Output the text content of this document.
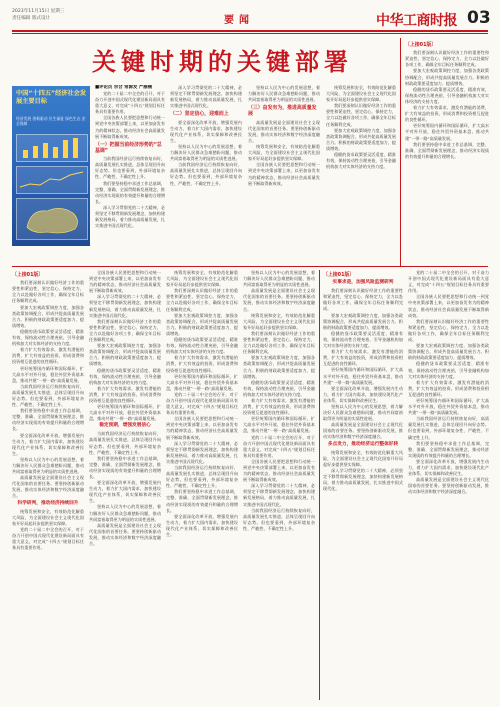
2023年11月15日 星期三
责任编辑 版式设计	要闻	中华工商时报 03
关键时期的关键部署
中国“十四五”经济社会发展主要目标
经济发展 创新驱动 民生福祉 绿色生态 安全保障
■评论员 宗合 常源发 严雁楠

党的二十届二中全会的召开，对于奋力开创中国式现代化建设新局面具有重大意义，对完成“十四五”规划目标任务具有重要作用。

全国各族人民要把思想和行动统一到党中央决策部署上来，以更加奋发有为的精神状态，推动经济社会高质量发展不断取得新成效。

（一）把握当前经济形势的“总基调”

当前我国经济运行持续恢复向好，高质量发展扎实推进，总体呈现回升向好态势。但也要看到，外部环境复杂性、严峻性、不确定性上升。

我们要坚持稳中求进工作总基调，完整、准确、全面贯彻新发展理念，推动经济实现质的有效提升和量的合理增长。

深入学习贯彻党的二十大精神，必须坚定不移贯彻新发展理念，加快构建新发展格局，着力推动高质量发展，扎实推进中国式现代化。

深入学习贯彻党的二十大精神，必须坚定不移贯彻新发展理念，加快构建新发展格局，着力推动高质量发展，扎实推进中国式现代化。

（二）坚定信心，迎难而上

要全面深化改革开放，增强发展内生动力，着力扩大国内需求，加快建设现代化产业体系，切实保障和改善民生。

坚持以人民为中心的发展思想，着力解决好人民群众急难愁盼问题，推动共同富裕取得更为明显的实质性进展。

当前我国经济运行持续恢复向好，高质量发展扎实推进，总体呈现回升向好态势。但也要看到，外部环境复杂性、严峻性、不确定性上升。

坚持以人民为中心的发展思想，着力解决好人民群众急难愁盼问题，推动共同富裕取得更为明显的实质性进展。

（三）奋发有为，推进高质量发展

高质量发展是全面建设社会主义现代化国家的首要任务。要坚持创新驱动发展，推动实体经济和数字经济深度融合。

统筹发展和安全，有效防范化解重大风险，为全面建设社会主义现代化国家开好局起好步提供坚实保障。

全国各族人民要把思想和行动统一到党中央决策部署上来，以更加奋发有为的精神状态，推动经济社会高质量发展不断取得新成效。

统筹发展和安全，有效防范化解重大风险，为全面建设社会主义现代化国家开好局起好步提供坚实保障。

我们要深刻认识做好经济工作的重要性和紧迫性，坚定信心、保持定力，全力以赴做好各项工作，确保全年目标任务顺利完成。

要加大宏观政策调控力度，加强各类政策协调配合，形成共促高质量发展合力。积极的财政政策要适度加力、提质增效。

稳健的货币政策要灵活适度、精准有效，保持流动性合理充裕，引导金融机构加大对实体经济的支持力度。

〔上接01版〕

我们要深刻认识做好经济工作的重要性和紧迫性，坚定信心、保持定力，全力以赴做好各项工作，确保全年目标任务顺利完成。

要加大宏观政策调控力度，加强各类政策协调配合，形成共促高质量发展合力。积极的财政政策要适度加力、提质增效。

稳健的货币政策要灵活适度、精准有效，保持流动性合理充裕，引导金融机构加大对实体经济的支持力度。

着力扩大有效需求，激发有潜能的消费，扩大有效益的投资，形成消费和投资相互促进的良性循环。

更好统筹国内循环和国际循环，扩大高水平对外开放，稳住外贸外资基本盘，推动共建“一带一路”高质量发展。

我们要坚持稳中求进工作总基调，完整、准确、全面贯彻新发展理念，推动经济实现质的有效提升和量的合理增长。

〔上接01版〕

我们要深刻认识做好经济工作的重要性和紧迫性，坚定信心、保持定力，全力以赴做好各项工作，确保全年目标任务顺利完成。

要加大宏观政策调控力度，加强各类政策协调配合，形成共促高质量发展合力。积极的财政政策要适度加力、提质增效。

稳健的货币政策要灵活适度、精准有效，保持流动性合理充裕，引导金融机构加大对实体经济的支持力度。

着力扩大有效需求，激发有潜能的消费，扩大有效益的投资，形成消费和投资相互促进的良性循环。

更好统筹国内循环和国际循环，扩大高水平对外开放，稳住外贸外资基本盘，推动共建“一带一路”高质量发展。

当前我国经济运行持续恢复向好，高质量发展扎实推进，总体呈现回升向好态势。但也要看到，外部环境复杂性、严峻性、不确定性上升。

我们要坚持稳中求进工作总基调，完整、准确、全面贯彻新发展理念，推动经济实现质的有效提升和量的合理增长。

要全面深化改革开放，增强发展内生动力，着力扩大国内需求，加快建设现代化产业体系，切实保障和改善民生。

坚持以人民为中心的发展思想，着力解决好人民群众急难愁盼问题，推动共同富裕取得更为明显的实质性进展。

高质量发展是全面建设社会主义现代化国家的首要任务。要坚持创新驱动发展，推动实体经济和数字经济深度融合。

科学研判，推动经济持续回升

统筹发展和安全，有效防范化解重大风险，为全面建设社会主义现代化国家开好局起好步提供坚实保障。

党的二十届二中全会的召开，对于奋力开创中国式现代化建设新局面具有重大意义，对完成“十四五”规划目标任务具有重要作用。

全国各族人民要把思想和行动统一到党中央决策部署上来，以更加奋发有为的精神状态，推动经济社会高质量发展不断取得新成效。

深入学习贯彻党的二十大精神，必须坚定不移贯彻新发展理念，加快构建新发展格局，着力推动高质量发展，扎实推进中国式现代化。

我们要深刻认识做好经济工作的重要性和紧迫性，坚定信心、保持定力，全力以赴做好各项工作，确保全年目标任务顺利完成。

要加大宏观政策调控力度，加强各类政策协调配合，形成共促高质量发展合力。积极的财政政策要适度加力、提质增效。

稳健的货币政策要灵活适度、精准有效，保持流动性合理充裕，引导金融机构加大对实体经济的支持力度。

着力扩大有效需求，激发有潜能的消费，扩大有效益的投资，形成消费和投资相互促进的良性循环。

更好统筹国内循环和国际循环，扩大高水平对外开放，稳住外贸外资基本盘，推动共建“一带一路”高质量发展。

稳定预期，增强发展信心

当前我国经济运行持续恢复向好，高质量发展扎实推进，总体呈现回升向好态势。但也要看到，外部环境复杂性、严峻性、不确定性上升。

我们要坚持稳中求进工作总基调，完整、准确、全面贯彻新发展理念，推动经济实现质的有效提升和量的合理增长。

要全面深化改革开放，增强发展内生动力，着力扩大国内需求，加快建设现代化产业体系，切实保障和改善民生。

坚持以人民为中心的发展思想，着力解决好人民群众急难愁盼问题，推动共同富裕取得更为明显的实质性进展。

高质量发展是全面建设社会主义现代化国家的首要任务。要坚持创新驱动发展，推动实体经济和数字经济深度融合。

统筹发展和安全，有效防范化解重大风险，为全面建设社会主义现代化国家开好局起好步提供坚实保障。

我们要深刻认识做好经济工作的重要性和紧迫性，坚定信心、保持定力，全力以赴做好各项工作，确保全年目标任务顺利完成。

要加大宏观政策调控力度，加强各类政策协调配合，形成共促高质量发展合力。积极的财政政策要适度加力、提质增效。

稳健的货币政策要灵活适度、精准有效，保持流动性合理充裕，引导金融机构加大对实体经济的支持力度。

着力扩大有效需求，激发有潜能的消费，扩大有效益的投资，形成消费和投资相互促进的良性循环。

更好统筹国内循环和国际循环，扩大高水平对外开放，稳住外贸外资基本盘，推动共建“一带一路”高质量发展。

党的二十届二中全会的召开，对于奋力开创中国式现代化建设新局面具有重大意义，对完成“十四五”规划目标任务具有重要作用。

全国各族人民要把思想和行动统一到党中央决策部署上来，以更加奋发有为的精神状态，推动经济社会高质量发展不断取得新成效。

深入学习贯彻党的二十大精神，必须坚定不移贯彻新发展理念，加快构建新发展格局，着力推动高质量发展，扎实推进中国式现代化。

当前我国经济运行持续恢复向好，高质量发展扎实推进，总体呈现回升向好态势。但也要看到，外部环境复杂性、严峻性、不确定性上升。

我们要坚持稳中求进工作总基调，完整、准确、全面贯彻新发展理念，推动经济实现质的有效提升和量的合理增长。

要全面深化改革开放，增强发展内生动力，着力扩大国内需求，加快建设现代化产业体系，切实保障和改善民生。

坚持以人民为中心的发展思想，着力解决好人民群众急难愁盼问题，推动共同富裕取得更为明显的实质性进展。

高质量发展是全面建设社会主义现代化国家的首要任务。要坚持创新驱动发展，推动实体经济和数字经济深度融合。

统筹发展和安全，有效防范化解重大风险，为全面建设社会主义现代化国家开好局起好步提供坚实保障。

我们要深刻认识做好经济工作的重要性和紧迫性，坚定信心、保持定力，全力以赴做好各项工作，确保全年目标任务顺利完成。

要加大宏观政策调控力度，加强各类政策协调配合，形成共促高质量发展合力。积极的财政政策要适度加力、提质增效。

稳健的货币政策要灵活适度、精准有效，保持流动性合理充裕，引导金融机构加大对实体经济的支持力度。

着力扩大有效需求，激发有潜能的消费，扩大有效益的投资，形成消费和投资相互促进的良性循环。

更好统筹国内循环和国际循环，扩大高水平对外开放，稳住外贸外资基本盘，推动共建“一带一路”高质量发展。

党的二十届二中全会的召开，对于奋力开创中国式现代化建设新局面具有重大意义，对完成“十四五”规划目标任务具有重要作用。

全国各族人民要把思想和行动统一到党中央决策部署上来，以更加奋发有为的精神状态，推动经济社会高质量发展不断取得新成效。

深入学习贯彻党的二十大精神，必须坚定不移贯彻新发展理念，加快构建新发展格局，着力推动高质量发展，扎实推进中国式现代化。

当前我国经济运行持续恢复向好，高质量发展扎实推进，总体呈现回升向好态势。但也要看到，外部环境复杂性、严峻性、不确定性上升。

〔上接01版〕
实事求是，加强风险监测研判

我们要深刻认识做好经济工作的重要性和紧迫性，坚定信心、保持定力，全力以赴做好各项工作，确保全年目标任务顺利完成。

要加大宏观政策调控力度，加强各类政策协调配合，形成共促高质量发展合力。积极的财政政策要适度加力、提质增效。

稳健的货币政策要灵活适度、精准有效，保持流动性合理充裕，引导金融机构加大对实体经济的支持力度。

着力扩大有效需求，激发有潜能的消费，扩大有效益的投资，形成消费和投资相互促进的良性循环。

更好统筹国内循环和国际循环，扩大高水平对外开放，稳住外贸外资基本盘，推动共建“一带一路”高质量发展。

要全面深化改革开放，增强发展内生动力，着力扩大国内需求，加快建设现代化产业体系，切实保障和改善民生。

坚持以人民为中心的发展思想，着力解决好人民群众急难愁盼问题，推动共同富裕取得更为明显的实质性进展。

高质量发展是全面建设社会主义现代化国家的首要任务。要坚持创新驱动发展，推动实体经济和数字经济深度融合。

多点发力，推动经济运行整体好转

统筹发展和安全，有效防范化解重大风险，为全面建设社会主义现代化国家开好局起好步提供坚实保障。

深入学习贯彻党的二十大精神，必须坚定不移贯彻新发展理念，加快构建新发展格局，着力推动高质量发展，扎实推进中国式现代化。

党的二十届二中全会的召开，对于奋力开创中国式现代化建设新局面具有重大意义，对完成“十四五”规划目标任务具有重要作用。

全国各族人民要把思想和行动统一到党中央决策部署上来，以更加奋发有为的精神状态，推动经济社会高质量发展不断取得新成效。

我们要深刻认识做好经济工作的重要性和紧迫性，坚定信心、保持定力，全力以赴做好各项工作，确保全年目标任务顺利完成。

要加大宏观政策调控力度，加强各类政策协调配合，形成共促高质量发展合力。积极的财政政策要适度加力、提质增效。

稳健的货币政策要灵活适度、精准有效，保持流动性合理充裕，引导金融机构加大对实体经济的支持力度。

着力扩大有效需求，激发有潜能的消费，扩大有效益的投资，形成消费和投资相互促进的良性循环。

更好统筹国内循环和国际循环，扩大高水平对外开放，稳住外贸外资基本盘，推动共建“一带一路”高质量发展。

当前我国经济运行持续恢复向好，高质量发展扎实推进，总体呈现回升向好态势。但也要看到，外部环境复杂性、严峻性、不确定性上升。

我们要坚持稳中求进工作总基调，完整、准确、全面贯彻新发展理念，推动经济实现质的有效提升和量的合理增长。

要全面深化改革开放，增强发展内生动力，着力扩大国内需求，加快建设现代化产业体系，切实保障和改善民生。

高质量发展是全面建设社会主义现代化国家的首要任务。要坚持创新驱动发展，推动实体经济和数字经济深度融合。
